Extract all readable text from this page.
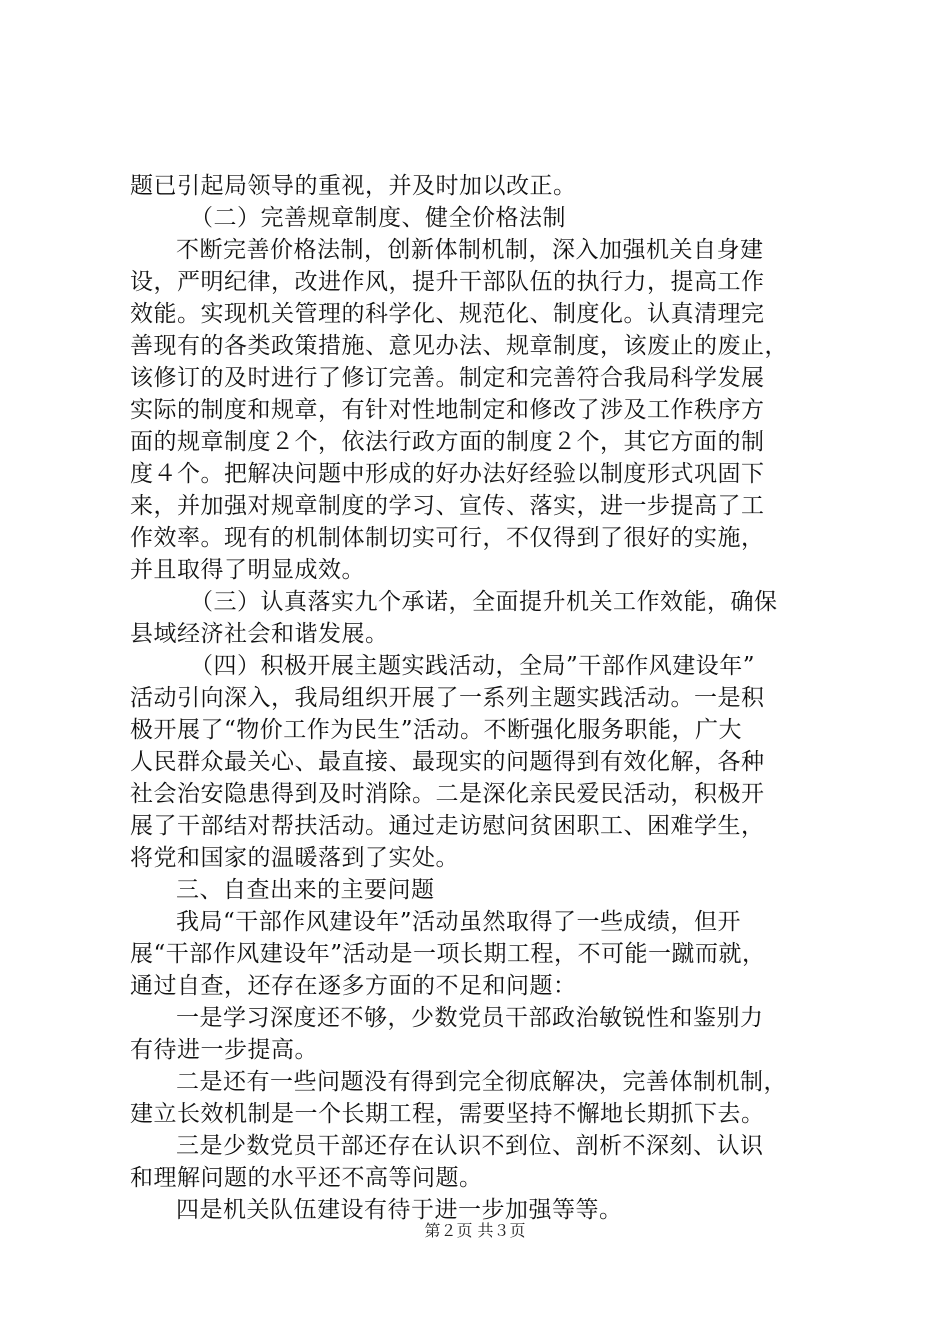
题已引起局领导的重视，并及时加以改正。
（二）完善规章制度、健全价格法制
不断完善价格法制，创新体制机制，深入加强机关自身建
设，严明纪律，改进作风，提升干部队伍的执行力，提高工作
效能。实现机关管理的科学化、规范化、制度化。认真清理完
善现有的各类政策措施、意见办法、规章制度，该废止的废止，
该修订的及时进行了修订完善。制定和完善符合我局科学发展
实际的制度和规章，有针对性地制定和修改了涉及工作秩序方
面的规章制度２个，依法行政方面的制度２个，其它方面的制
度４个。把解决问题中形成的好办法好经验以制度形式巩固下
来，并加强对规章制度的学习、宣传、落实，进一步提高了工
作效率。现有的机制体制切实可行，不仅得到了很好的实施，
并且取得了明显成效。
（三）认真落实九个承诺，全面提升机关工作效能，确保
县域经济社会和谐发展。
（四）积极开展主题实践活动，全局”干部作风建设年”
活动引向深入，我局组织开展了一系列主题实践活动。一是积
极开展了“物价工作为民生”活动。不断强化服务职能，广大
人民群众最关心、最直接、最现实的问题得到有效化解，各种
社会治安隐患得到及时消除。二是深化亲民爱民活动，积极开
展了干部结对帮扶活动。通过走访慰问贫困职工、困难学生，
将党和国家的温暖落到了实处。
三、自查出来的主要问题
我局“干部作风建设年”活动虽然取得了一些成绩，但开
展“干部作风建设年”活动是一项长期工程，不可能一蹴而就，
通过自查，还存在逐多方面的不足和问题：
一是学习深度还不够，少数党员干部政治敏锐性和鉴别力
有待进一步提高。
二是还有一些问题没有得到完全彻底解决，完善体制机制，
建立长效机制是一个长期工程，需要坚持不懈地长期抓下去。
三是少数党员干部还存在认识不到位、剖析不深刻、认识
和理解问题的水平还不高等问题。
四是机关队伍建设有待于进一步加强等等。
第２页 共３页
